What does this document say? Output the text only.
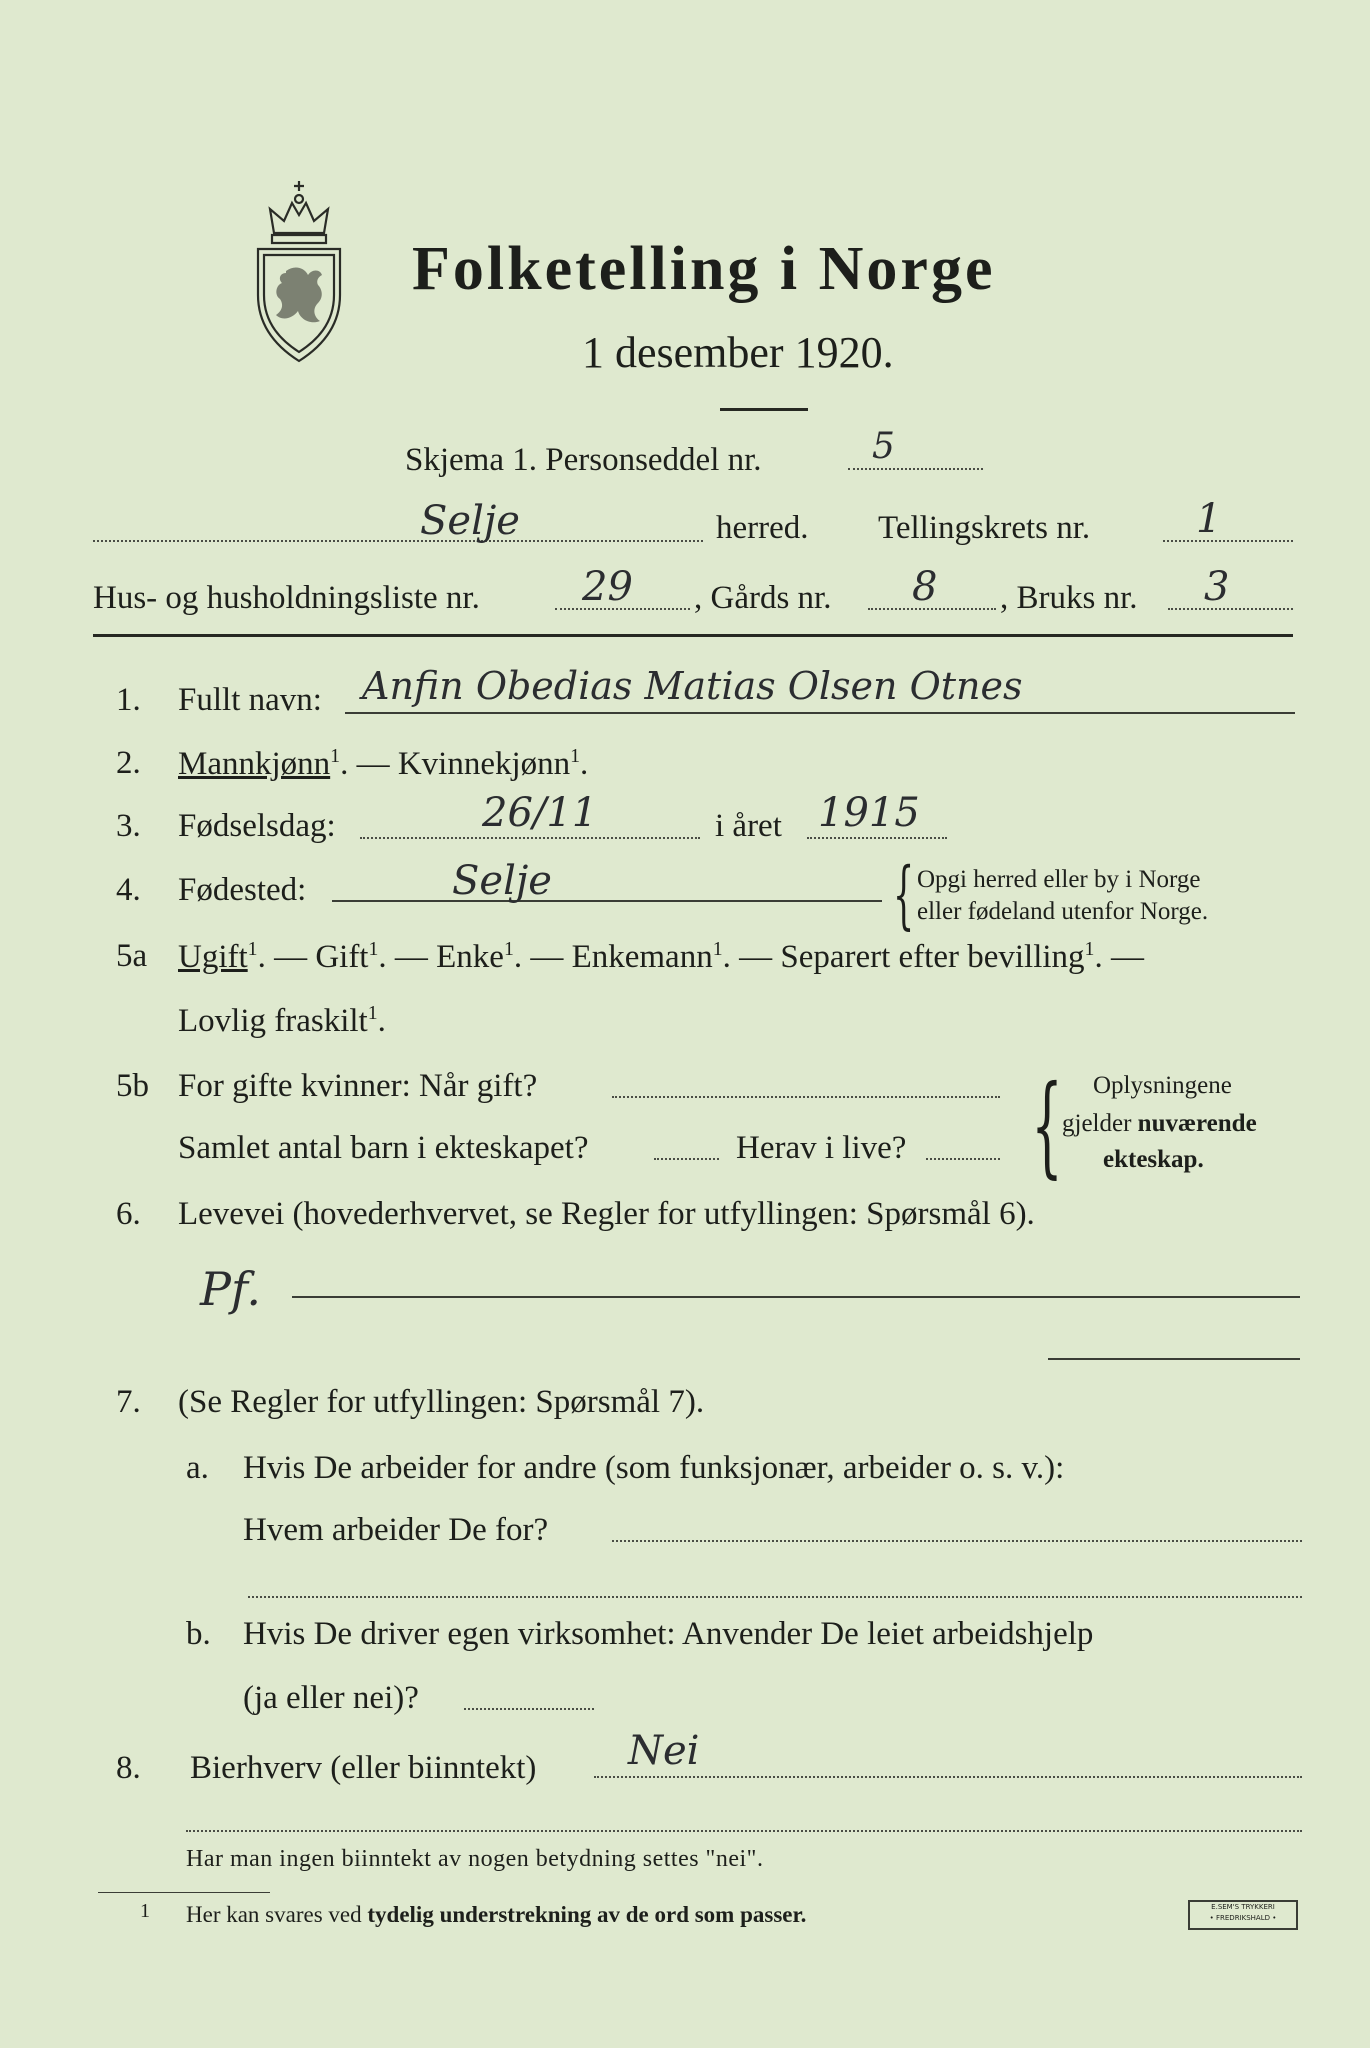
Folketelling i Norge
1 desember 1920.
Skjema 1. Personseddel nr.	5
Selje	herred. Tellingskrets nr.	1
Hus- og husholdningsliste nr.	29 , Gårds nr. 8 , Bruks nr. 3
1. Fullt navn: Anfin Obedias Matias Olsen Otnes
2. Mannkjønn$^1$. — Kvinnekjønn$^1$.
3. Fødselsdag:	26/11	i året 1915
4. Fødested:	Selje	{ Opgi herred eller by i Norge
eller fødeland utenfor Norge.
5a Ugift$^1$. — Gift$^1$. — Enke$^1$. — Enkemann$^1$. — Separert efter bevilling$^1$. —
Lovlig fraskilt$^1$.
5b For gifte kvinner: Når gift?
Samlet antal barn i ekteskapet?	Herav i live? { Oplysningene
gjelder nuværende
ekteskap.
6. Levevei (hovederhvervet, se Regler for utfyllingen: Spørsmål 6).
Pf.
7. (Se Regler for utfyllingen: Spørsmål 7).
a. Hvis De arbeider for andre (som funksjonær, arbeider o. s. v.):
Hvem arbeider De for?
b. Hvis De driver egen virksomhet: Anvender De leiet arbeidshjelp
(ja eller nei)?
8. Bierhverv (eller biinntekt) Nei
Har man ingen biinntekt av nogen betydning settes "nei".
1 Her kan svares ved tydelig understrekning av de ord som passer.	E.SEM'S TRYKKERI
• FREDRIKSHALD •
